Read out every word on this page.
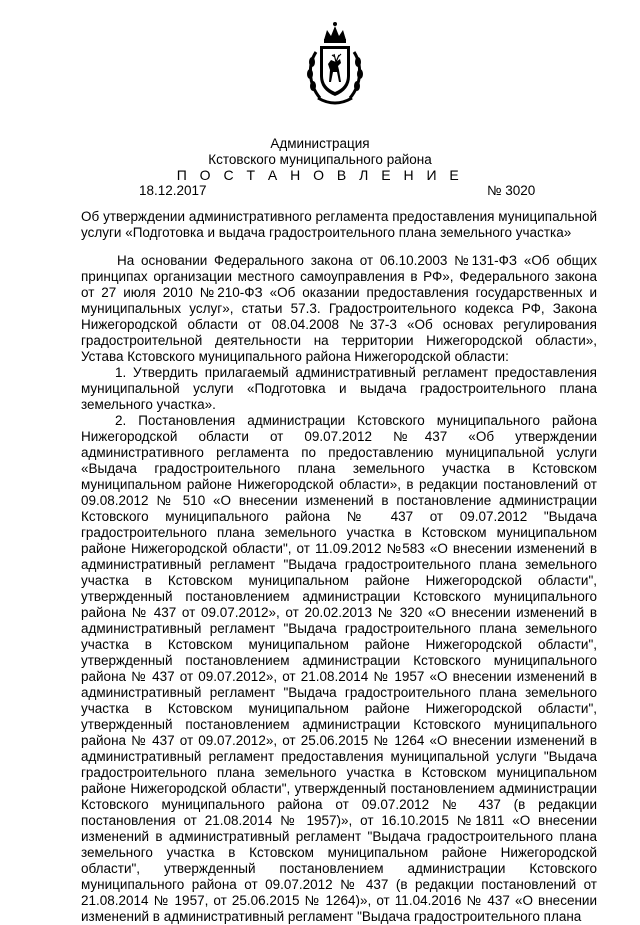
Администрация
Кстовского муниципального района
П О С Т А Н О В Л Е Н И Е
18.12.2017	№ 3020
Об утверждении административного регламента предоставления муниципальной услуги «Подготовка и выдача градостроительного плана земельного участка»

На основании Федерального закона от 06.10.2003 №131-ФЗ «Об общих принципах организации местного самоуправления в РФ», Федерального закона от 27 июля 2010 №210-ФЗ «Об оказании предоставления государственных и муниципальных услуг», статьи 57.3. Градостроительного кодекса РФ, Закона Нижегородской области от 08.04.2008 №37-3 «Об основах регулирования градостроительной деятельности на территории Нижегородской области», Устава Кстовского муниципального района Нижегородской области:

1. Утвердить прилагаемый административный регламент предоставления муниципальной услуги «Подготовка и выдача градостроительного плана земельного участка».

2. Постановления администрации Кстовского муниципального района Нижегородской области от 09.07.2012 №437 «Об утверждении административного регламента по предоставлению муниципальной услуги «Выдача градостроительного плана земельного участка в Кстовском муниципальном районе Нижегородской области», в редакции постановлений от 09.08.2012 № 510 «О внесении изменений в постановление администрации Кстовского муниципального района № 437 от 09.07.2012 "Выдача градостроительного плана земельного участка в Кстовском муниципальном районе Нижегородской области", от 11.09.2012 №583 «О внесении изменений в административный регламент "Выдача градостроительного плана земельного участка в Кстовском муниципальном районе Нижегородской области", утвержденный постановлением администрации Кстовского муниципального района № 437 от 09.07.2012», от 20.02.2013 № 320 «О внесении изменений в административный регламент "Выдача градостроительного плана земельного участка в Кстовском муниципальном районе Нижегородской области", утвержденный постановлением администрации Кстовского муниципального района № 437 от 09.07.2012», от 21.08.2014 № 1957 «О внесении изменений в административный регламент "Выдача градостроительного плана земельного участка в Кстовском муниципальном районе Нижегородской области", утвержденный постановлением администрации Кстовского муниципального района № 437 от 09.07.2012», от 25.06.2015 № 1264 «О внесении изменений в административный регламент предоставления муниципальной услуги "Выдача градостроительного плана земельного участка в Кстовском муниципальном районе Нижегородской области", утвержденный постановлением администрации Кстовского муниципального района от 09.07.2012 № 437 (в редакции постановления от 21.08.2014 № 1957)», от 16.10.2015 №1811 «О внесении изменений в административный регламент "Выдача градостроительного плана земельного участка в Кстовском муниципальном районе Нижегородской области", утвержденный постановлением администрации Кстовского муниципального района от 09.07.2012 № 437 (в редакции постановлений от 21.08.2014 № 1957, от 25.06.2015 № 1264)», от 11.04.2016 № 437 «О внесении изменений в административный регламент "Выдача градостроительного плана
